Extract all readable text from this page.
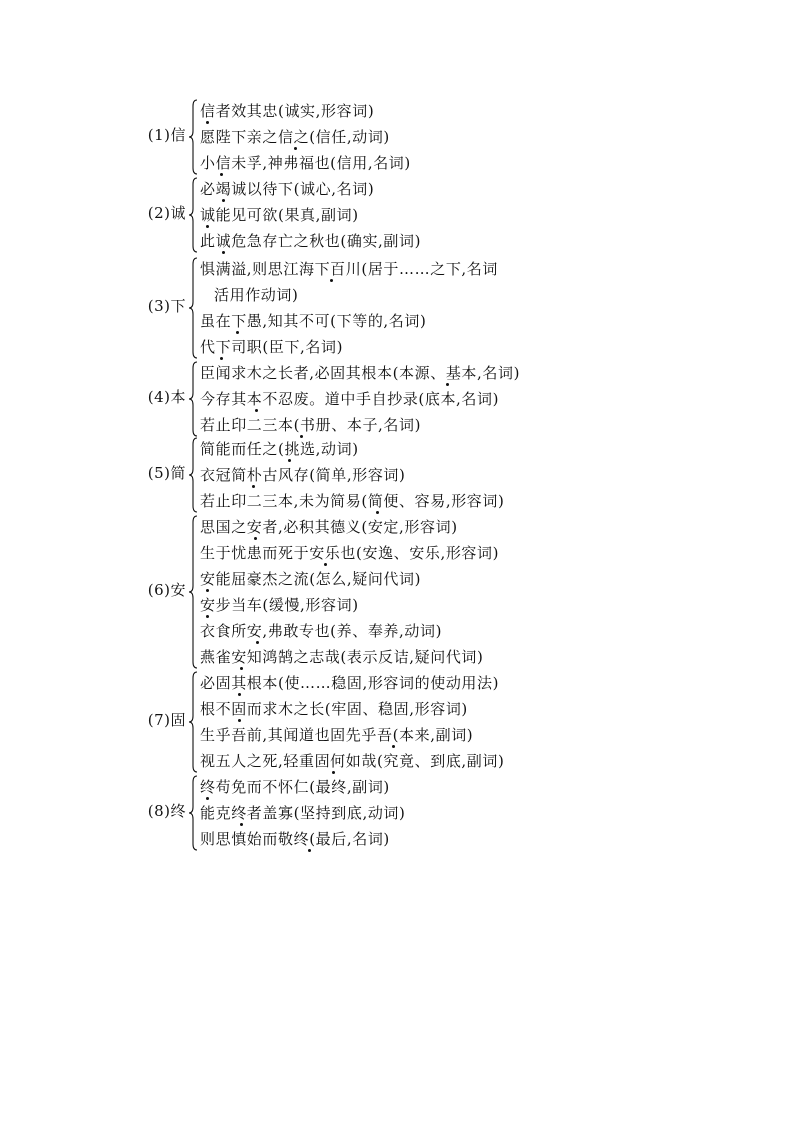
(1)信
信者效其忠(诚实,形容词)
愿陛下亲之信之(信任,动词)
小信未孚,神弗福也(信用,名词)
(2)诚
必竭诚以待下(诚心,名词)
诚能见可欲(果真,副词)
此诚危急存亡之秋也(确实,副词)
(3)下
惧满溢,则思江海下百川(居于……之下,名词
活用作动词)
虽在下愚,知其不可(下等的,名词)
代下司职(臣下,名词)
(4)本
臣闻求木之长者,必固其根本(本源、基本,名词)
今存其本不忍废。道中手自抄录(底本,名词)
若止印二三本(书册、本子,名词)
(5)简
简能而任之(挑选,动词)
衣冠简朴古风存(简单,形容词)
若止印二三本,未为简易(简便、容易,形容词)
(6)安
思国之安者,必积其德义(安定,形容词)
生于忧患而死于安乐也(安逸、安乐,形容词)
安能屈豪杰之流(怎么,疑问代词)
安步当车(缓慢,形容词)
衣食所安,弗敢专也(养、奉养,动词)
燕雀安知鸿鹄之志哉(表示反诘,疑问代词)
(7)固
必固其根本(使……稳固,形容词的使动用法)
根不固而求木之长(牢固、稳固,形容词)
生乎吾前,其闻道也固先乎吾(本来,副词)
视五人之死,轻重固何如哉(究竟、到底,副词)
(8)终
终苟免而不怀仁(最终,副词)
能克终者盖寡(坚持到底,动词)
则思慎始而敬终(最后,名词)
